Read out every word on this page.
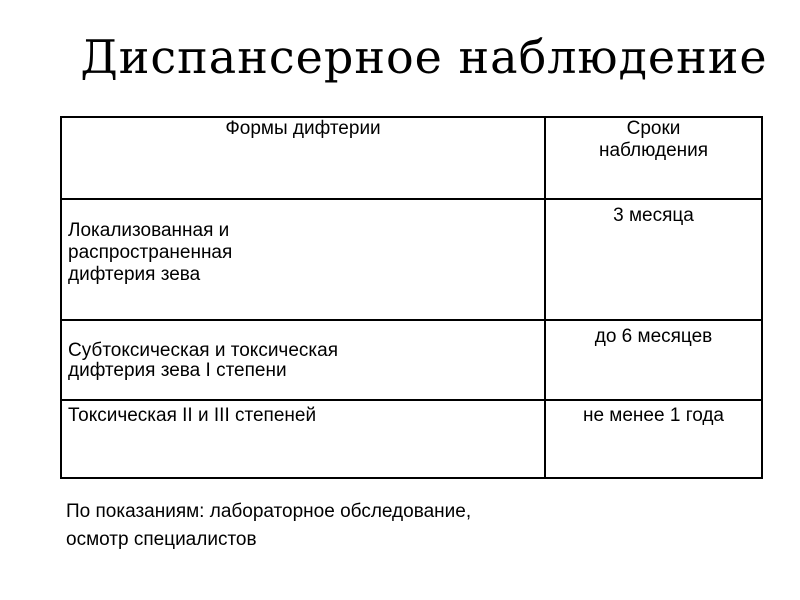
Диспансерное наблюдение
Формы дифтерии	Сроки
наблюдения

Локализованная и
распространенная
дифтерия зева	3 месяца

Субтоксическая и токсическая
дифтерия зева I степени	до 6 месяцев

Токсическая II и III степеней	не менее 1 года
По показаниям: лабораторное обследование,
осмотр специалистов
